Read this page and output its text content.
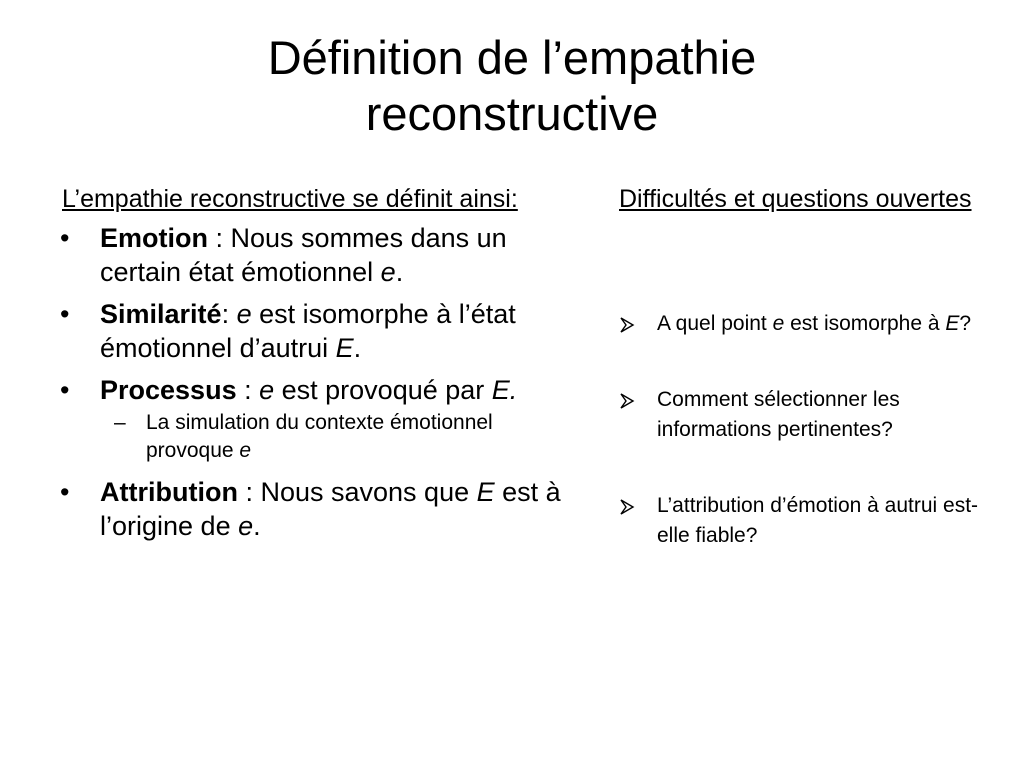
Définition de l’empathie
reconstructive
L’empathie reconstructive se définit ainsi:
• Emotion : Nous sommes dans un certain état émotionnel e.
• Similarité: e est isomorphe à l’état émotionnel d’autrui E.
• Processus : e est provoqué par E.
– La simulation du contexte émotionnel provoque e
• Attribution : Nous savons que E est à l’origine de e.
Difficultés et questions ouvertes
A quel point e est isomorphe à E?
Comment sélectionner les informations pertinentes?
L’attribution d’émotion à autrui est-elle fiable?
